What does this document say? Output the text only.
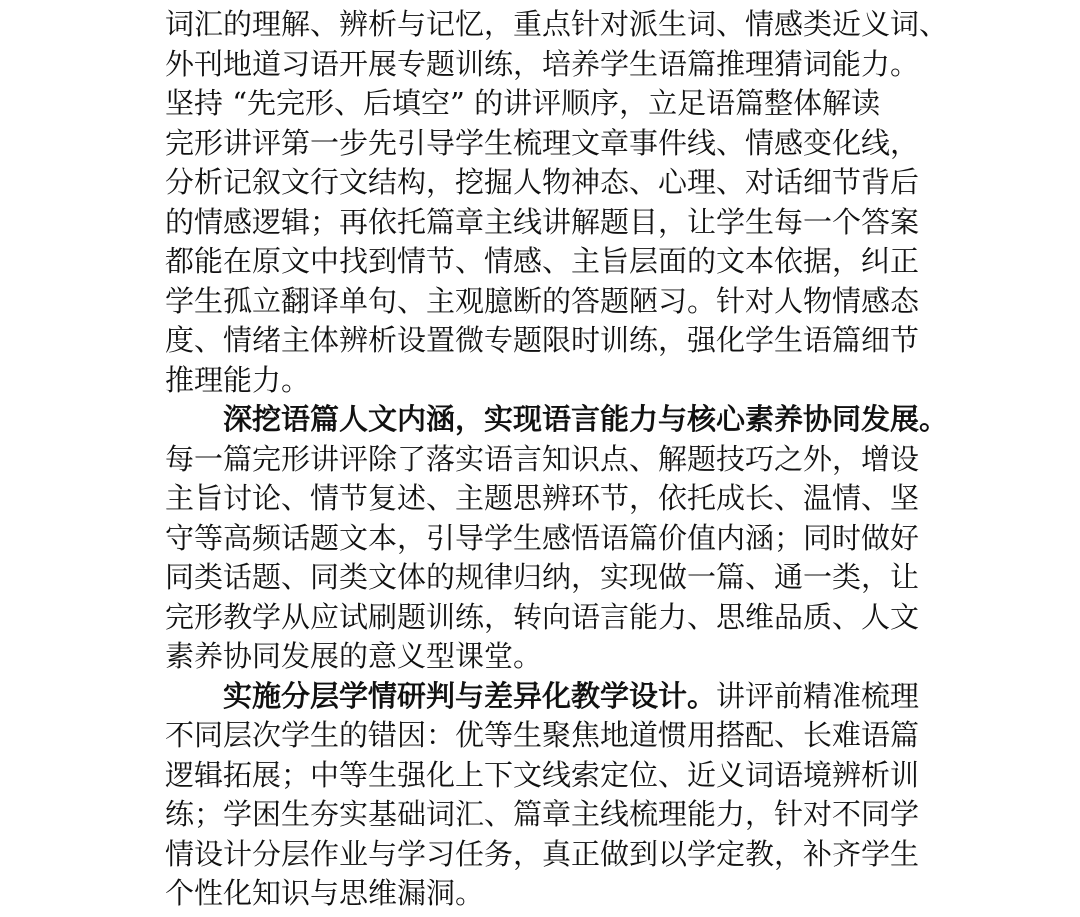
词汇的理解、辨析与记忆，重点针对派生词、情感类近义词、
外刊地道习语开展专题训练，培养学生语篇推理猜词能力。
坚持 “先完形、后填空” 的讲评顺序，立足语篇整体解读
完形讲评第一步先引导学生梳理文章事件线、情感变化线，
分析记叙文行文结构，挖掘人物神态、心理、对话细节背后
的情感逻辑；再依托篇章主线讲解题目，让学生每一个答案
都能在原文中找到情节、情感、主旨层面的文本依据，纠正
学生孤立翻译单句、主观臆断的答题陋习。针对人物情感态
度、情绪主体辨析设置微专题限时训练，强化学生语篇细节
推理能力。
深挖语篇人文内涵，实现语言能力与核心素养协同发展。
每一篇完形讲评除了落实语言知识点、解题技巧之外，增设
主旨讨论、情节复述、主题思辨环节，依托成长、温情、坚
守等高频话题文本，引导学生感悟语篇价值内涵；同时做好
同类话题、同类文体的规律归纳，实现做一篇、通一类，让
完形教学从应试刷题训练，转向语言能力、思维品质、人文
素养协同发展的意义型课堂。
实施分层学情研判与差异化教学设计。讲评前精准梳理
不同层次学生的错因：优等生聚焦地道惯用搭配、长难语篇
逻辑拓展；中等生强化上下文线索定位、近义词语境辨析训
练；学困生夯实基础词汇、篇章主线梳理能力，针对不同学
情设计分层作业与学习任务，真正做到以学定教，补齐学生
个性化知识与思维漏洞。
